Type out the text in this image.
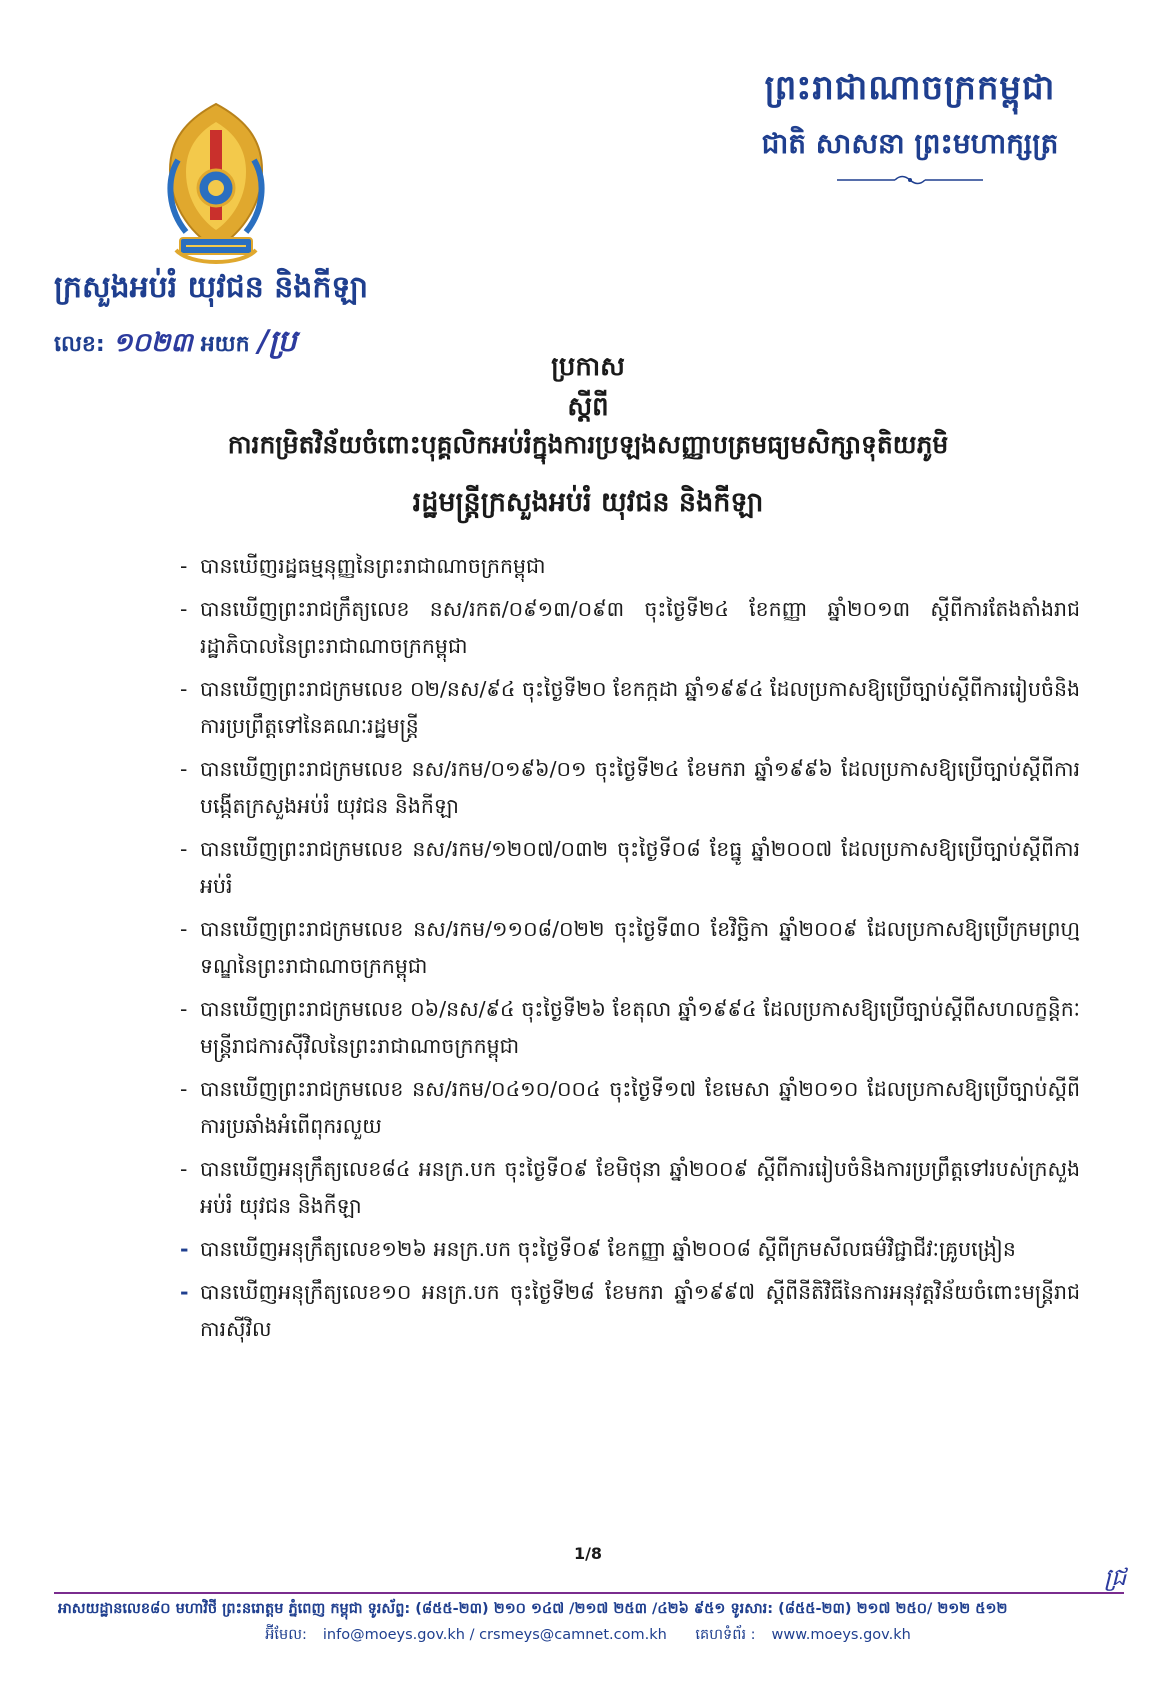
ព្រះរាជាណាចក្រកម្ពុជា
ជាតិ សាសនា ព្រះមហាក្សត្រ
ក្រសួងអប់រំ យុវជន និងកីឡា
លេខ: ១០២៣ អយក /ប្រ
ប្រកាស
ស្ដីពី
ការកម្រិតវិន័យចំពោះបុគ្គលិកអប់រំក្នុងការប្រឡងសញ្ញាបត្រមធ្យមសិក្សាទុតិយភូមិ
រដ្ឋមន្ត្រីក្រសួងអប់រំ យុវជន និងកីឡា
- បានឃើញរដ្ឋធម្មនុញ្ញនៃព្រះរាជាណាចក្រកម្ពុជា
- បានឃើញព្រះរាជក្រឹត្យលេខ នស/រកត/០៩១៣/០៩៣ ចុះថ្ងៃទី២៤ ខែកញ្ញា ឆ្នាំ២០១៣ ស្ដីពីការតែងតាំងរាជរដ្ឋាភិបាលនៃព្រះរាជាណាចក្រកម្ពុជា
- បានឃើញព្រះរាជក្រមលេខ ០២/នស/៩៤ ចុះថ្ងៃទី២០ ខែកក្កដា ឆ្នាំ១៩៩៤ ដែលប្រកាសឱ្យប្រើច្បាប់ស្ដីពីការរៀបចំនិងការប្រព្រឹត្តទៅនៃគណៈរដ្ឋមន្ត្រី
- បានឃើញព្រះរាជក្រមលេខ នស/រកម/០១៩៦/០១ ចុះថ្ងៃទី២៤ ខែមករា ឆ្នាំ១៩៩៦ ដែលប្រកាសឱ្យប្រើច្បាប់ស្ដីពីការបង្កើតក្រសួងអប់រំ យុវជន និងកីឡា
- បានឃើញព្រះរាជក្រមលេខ នស/រកម/១២០៧/០៣២ ចុះថ្ងៃទី០៨ ខែធ្នូ ឆ្នាំ២០០៧ ដែលប្រកាសឱ្យប្រើច្បាប់ស្ដីពីការអប់រំ
- បានឃើញព្រះរាជក្រមលេខ នស/រកម/១១០៨/០២២ ចុះថ្ងៃទី៣០ ខែវិច្ឆិកា ឆ្នាំ២០០៩ ដែលប្រកាសឱ្យប្រើក្រមព្រហ្មទណ្ឌនៃព្រះរាជាណាចក្រកម្ពុជា
- បានឃើញព្រះរាជក្រមលេខ ០៦/នស/៩៤ ចុះថ្ងៃទី២៦ ខែតុលា ឆ្នាំ១៩៩៤ ដែលប្រកាសឱ្យប្រើច្បាប់ស្ដីពីសហលក្ខន្តិកៈមន្ត្រីរាជការស៊ីវិលនៃព្រះរាជាណាចក្រកម្ពុជា
- បានឃើញព្រះរាជក្រមលេខ នស/រកម/០៤១០/០០៤ ចុះថ្ងៃទី១៧ ខែមេសា ឆ្នាំ២០១០ ដែលប្រកាសឱ្យប្រើច្បាប់ស្ដីពីការប្រឆាំងអំពើពុករលួយ
- បានឃើញអនុក្រឹត្យលេខ៨៤ អនក្រ.បក ចុះថ្ងៃទី០៩ ខែមិថុនា ឆ្នាំ២០០៩ ស្ដីពីការរៀបចំនិងការប្រព្រឹត្តទៅរបស់ក្រសួងអប់រំ យុវជន និងកីឡា
- បានឃើញអនុក្រឹត្យលេខ១២៦ អនក្រ.បក ចុះថ្ងៃទី០៩ ខែកញ្ញា ឆ្នាំ២០០៨ ស្ដីពីក្រមសីលធម៌វិជ្ជាជីវៈគ្រូបង្រៀន
- បានឃើញអនុក្រឹត្យលេខ១០ អនក្រ.បក ចុះថ្ងៃទី២៨ ខែមករា ឆ្នាំ១៩៩៧ ស្ដីពីនីតិវិធីនៃការអនុវត្តវិន័យចំពោះមន្ត្រីរាជការស៊ីវិល
1/8
ជ្រ
អាសយដ្ឋានលេខ៨០ មហាវិថី ព្រះនរោត្តម ភ្នំពេញ កម្ពុជា ទូរស័ព្ទ: (៨៥៥-២៣) ២១០ ១៤៧ /២១៧ ២៥៣ /៤២៦ ៩៥១ ទូរសារ: (៨៥៥-២៣) ២១៧ ២៥០/ ២១២ ៥១២
អ៊ីមែល: info@moeys.gov.kh / crsmeys@camnet.com.kh គេហទំព័រ : www.moeys.gov.kh
